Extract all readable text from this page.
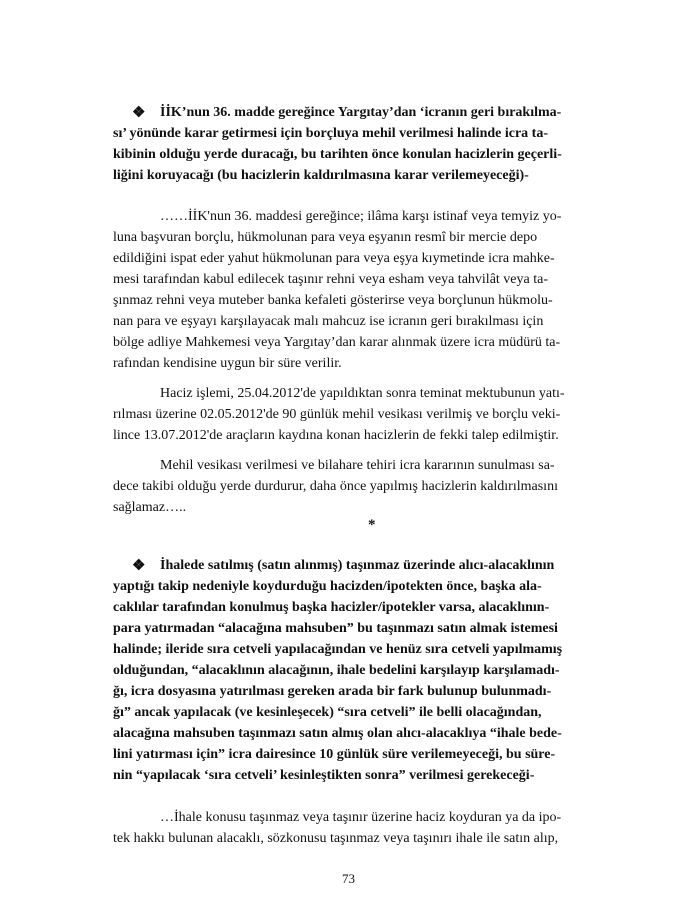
❖ İİK’nun 36. madde gereğince Yargıtay’dan ‘icranın geri bırakılma-
sı’ yönünde karar getirmesi için borçluya mehil verilmesi halinde icra ta-
kibinin olduğu yerde duracağı, bu tarihten önce konulan hacizlerin geçerli-
liğini koruyacağı (bu hacizlerin kaldırılmasına karar verilemeyeceği)-
……İİK'nun 36. maddesi gereğince; ilâma karşı istinaf veya temyiz yo-
luna başvuran borçlu, hükmolunan para veya eşyanın resmî bir mercie depo
edildiğini ispat eder yahut hükmolunan para veya eşya kıymetinde icra mahke-
mesi tarafından kabul edilecek taşınır rehni veya esham veya tahvilât veya ta-
şınmaz rehni veya muteber banka kefaleti gösterirse veya borçlunun hükmolu-
nan para ve eşyayı karşılayacak malı mahcuz ise icranın geri bırakılması için
bölge adliye Mahkemesi veya Yargıtay’dan karar alınmak üzere icra müdürü ta-
rafından kendisine uygun bir süre verilir.
Haciz işlemi, 25.04.2012'de yapıldıktan sonra teminat mektubunun yatı-
rılması üzerine 02.05.2012'de 90 günlük mehil vesikası verilmiş ve borçlu veki-
lince 13.07.2012'de araçların kaydına konan hacizlerin de fekki talep edilmiştir.
Mehil vesikası verilmesi ve bilahare tehiri icra kararının sunulması sa-
dece takibi olduğu yerde durdurur, daha önce yapılmış hacizlerin kaldırılmasını
sağlamaz…..
*
❖ İhalede satılmış (satın alınmış) taşınmaz üzerinde alıcı-alacaklının
yaptığı takip nedeniyle koydurduğu hacizden/ipotekten önce, başka ala-
caklılar tarafından konulmuş başka hacizler/ipotekler varsa, alacaklının-
para yatırmadan “alacağına mahsuben” bu taşınmazı satın almak istemesi
halinde; ileride sıra cetveli yapılacağından ve henüz sıra cetveli yapılmamış
olduğundan, “alacaklının alacağının, ihale bedelini karşılayıp karşılamadı-
ğı, icra dosyasına yatırılması gereken arada bir fark bulunup bulunmadı-
ğı” ancak yapılacak (ve kesinleşecek) “sıra cetveli” ile belli olacağından,
alacağına mahsuben taşınmazı satın almış olan alıcı-alacaklıya “ihale bede-
lini yatırması için” icra dairesince 10 günlük süre verilemeyeceği, bu süre-
nin “yapılacak ‘sıra cetveli’ kesinleştikten sonra” verilmesi gerekeceği-
…İhale konusu taşınmaz veya taşınır üzerine haciz koyduran ya da ipo-
tek hakkı bulunan alacaklı, sözkonusu taşınmaz veya taşınırı ihale ile satın alıp,
73
